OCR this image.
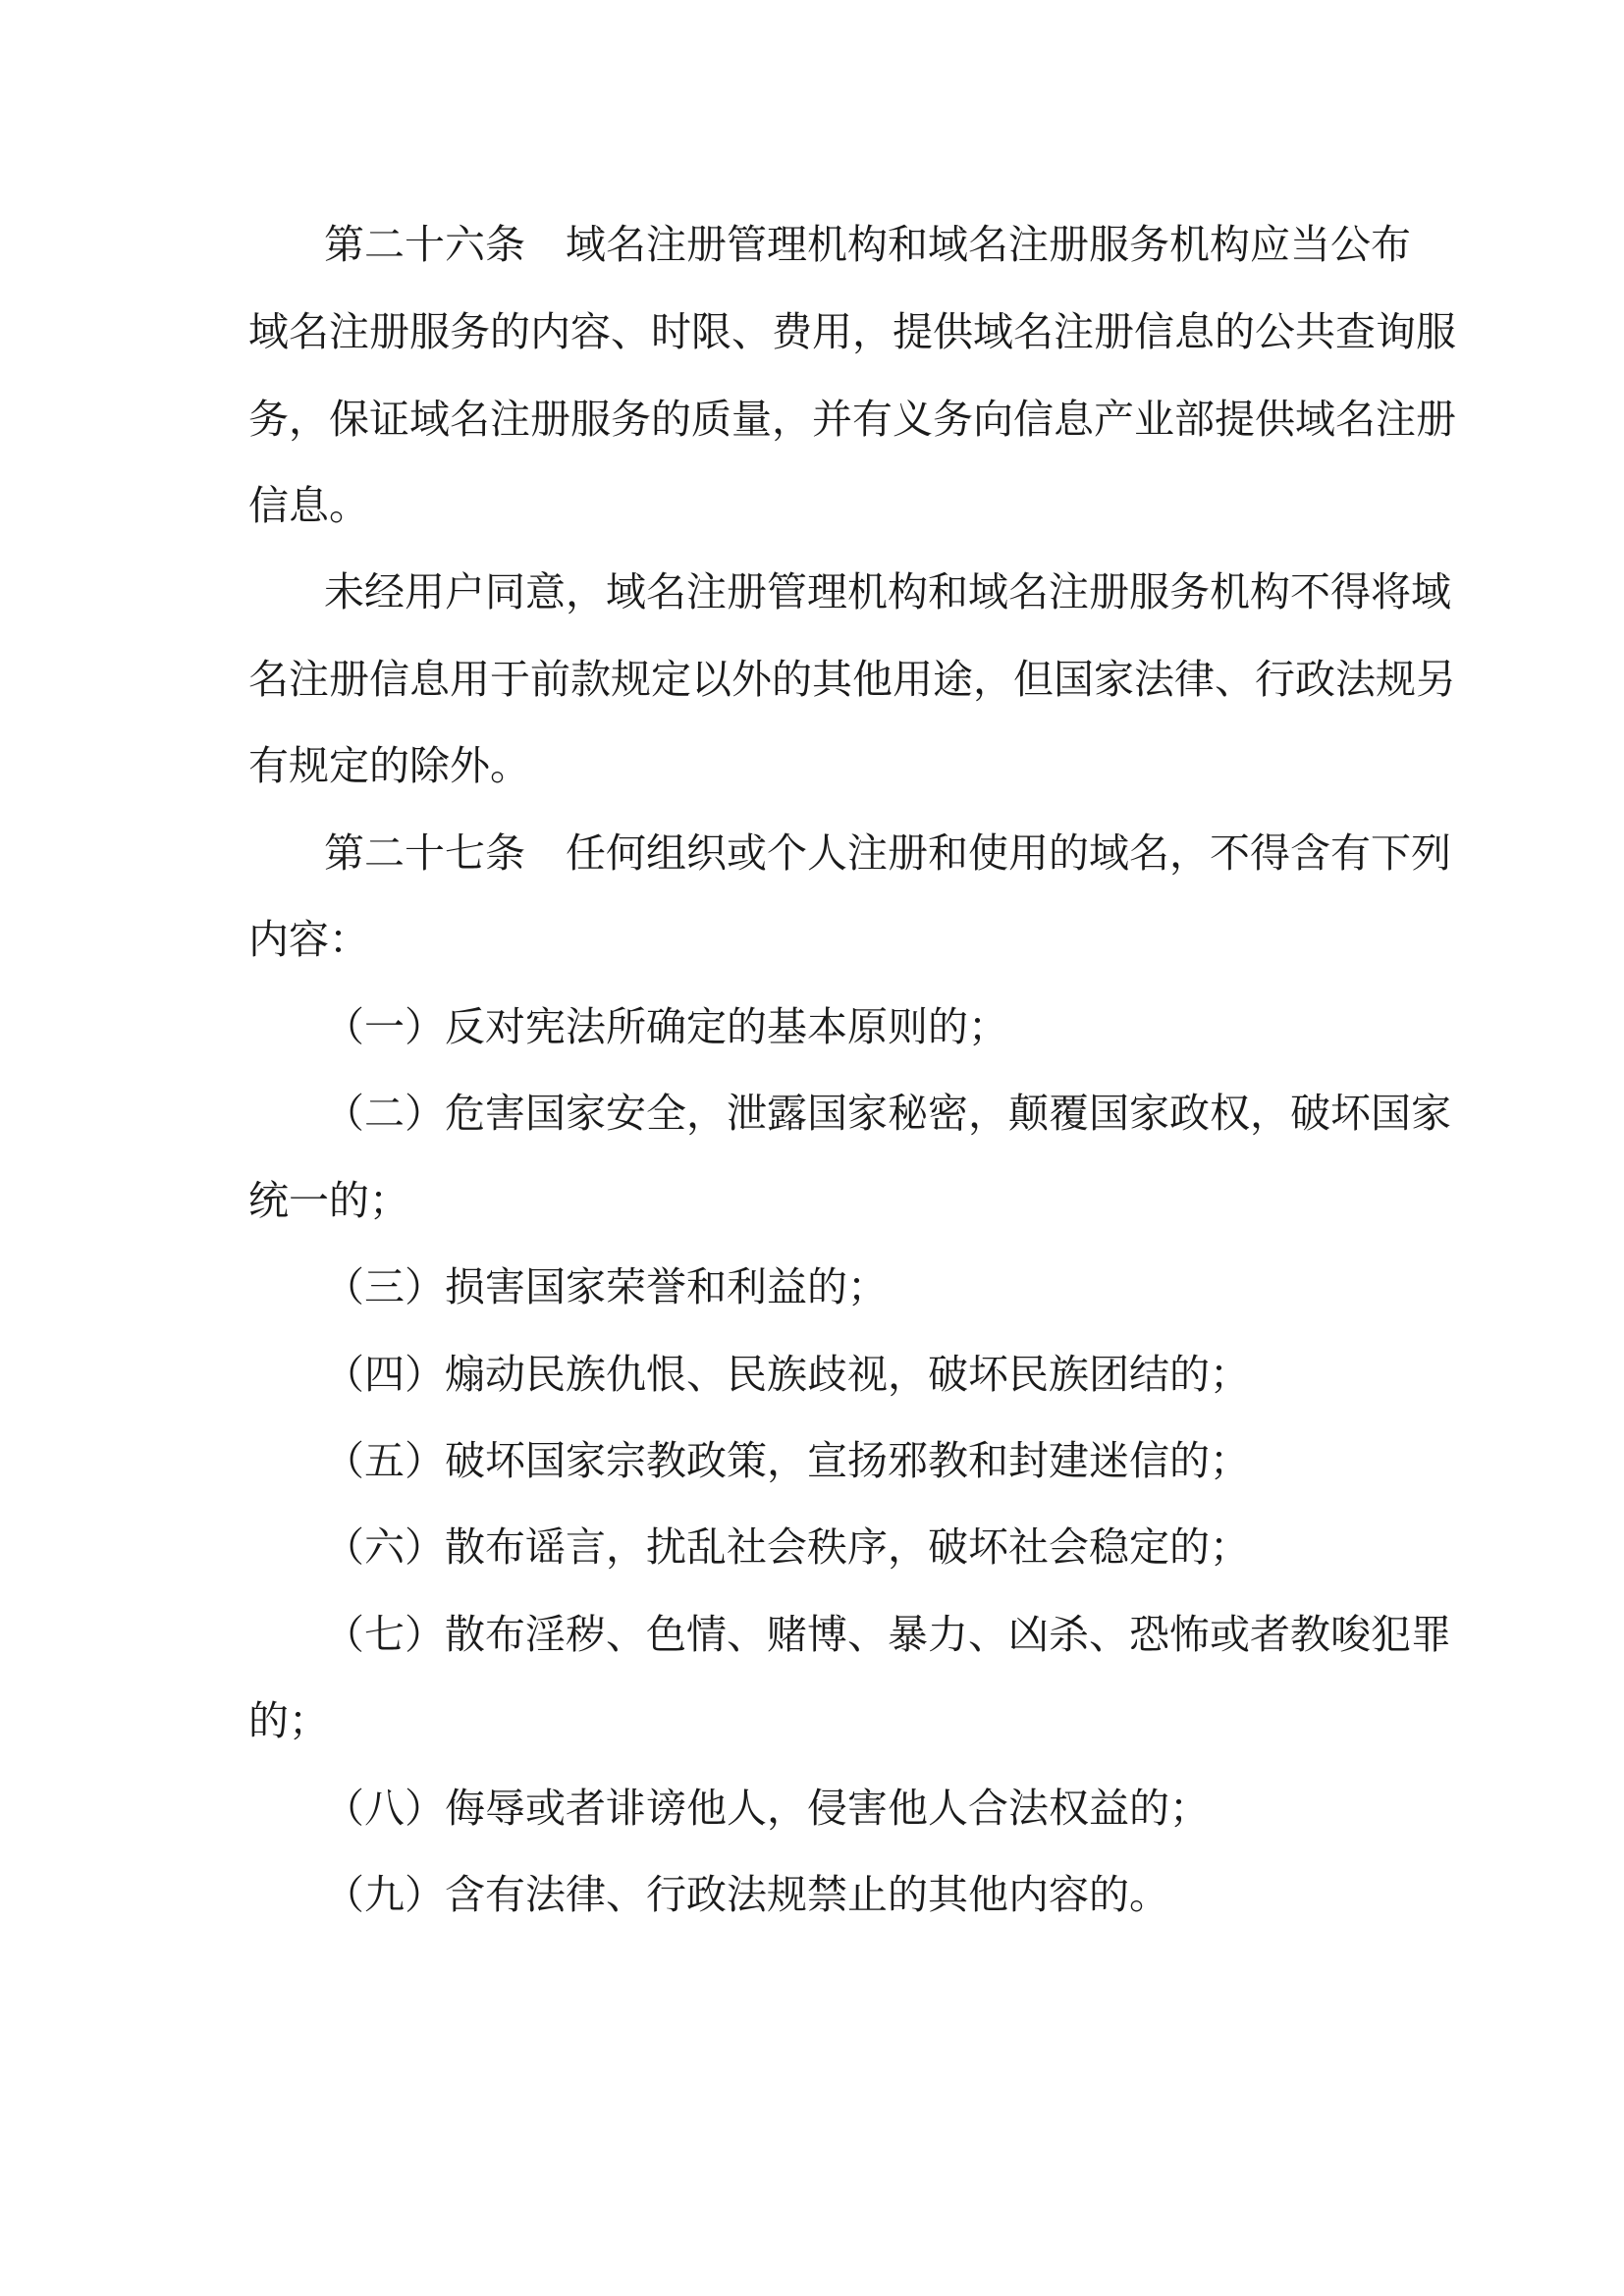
第二十六条　域名注册管理机构和域名注册服务机构应当公布

域名注册服务的内容、时限、费用，提供域名注册信息的公共查询服

务，保证域名注册服务的质量，并有义务向信息产业部提供域名注册

信息。

未经用户同意，域名注册管理机构和域名注册服务机构不得将域

名注册信息用于前款规定以外的其他用途，但国家法律、行政法规另

有规定的除外。

第二十七条　任何组织或个人注册和使用的域名，不得含有下列

内容：

（一）反对宪法所确定的基本原则的；

（二）危害国家安全，泄露国家秘密，颠覆国家政权，破坏国家

统一的；

（三）损害国家荣誉和利益的；

（四）煽动民族仇恨、民族歧视，破坏民族团结的；

（五）破坏国家宗教政策，宣扬邪教和封建迷信的；

（六）散布谣言，扰乱社会秩序，破坏社会稳定的；

（七）散布淫秽、色情、赌博、暴力、凶杀、恐怖或者教唆犯罪

的；

（八）侮辱或者诽谤他人，侵害他人合法权益的；

（九）含有法律、行政法规禁止的其他内容的。
